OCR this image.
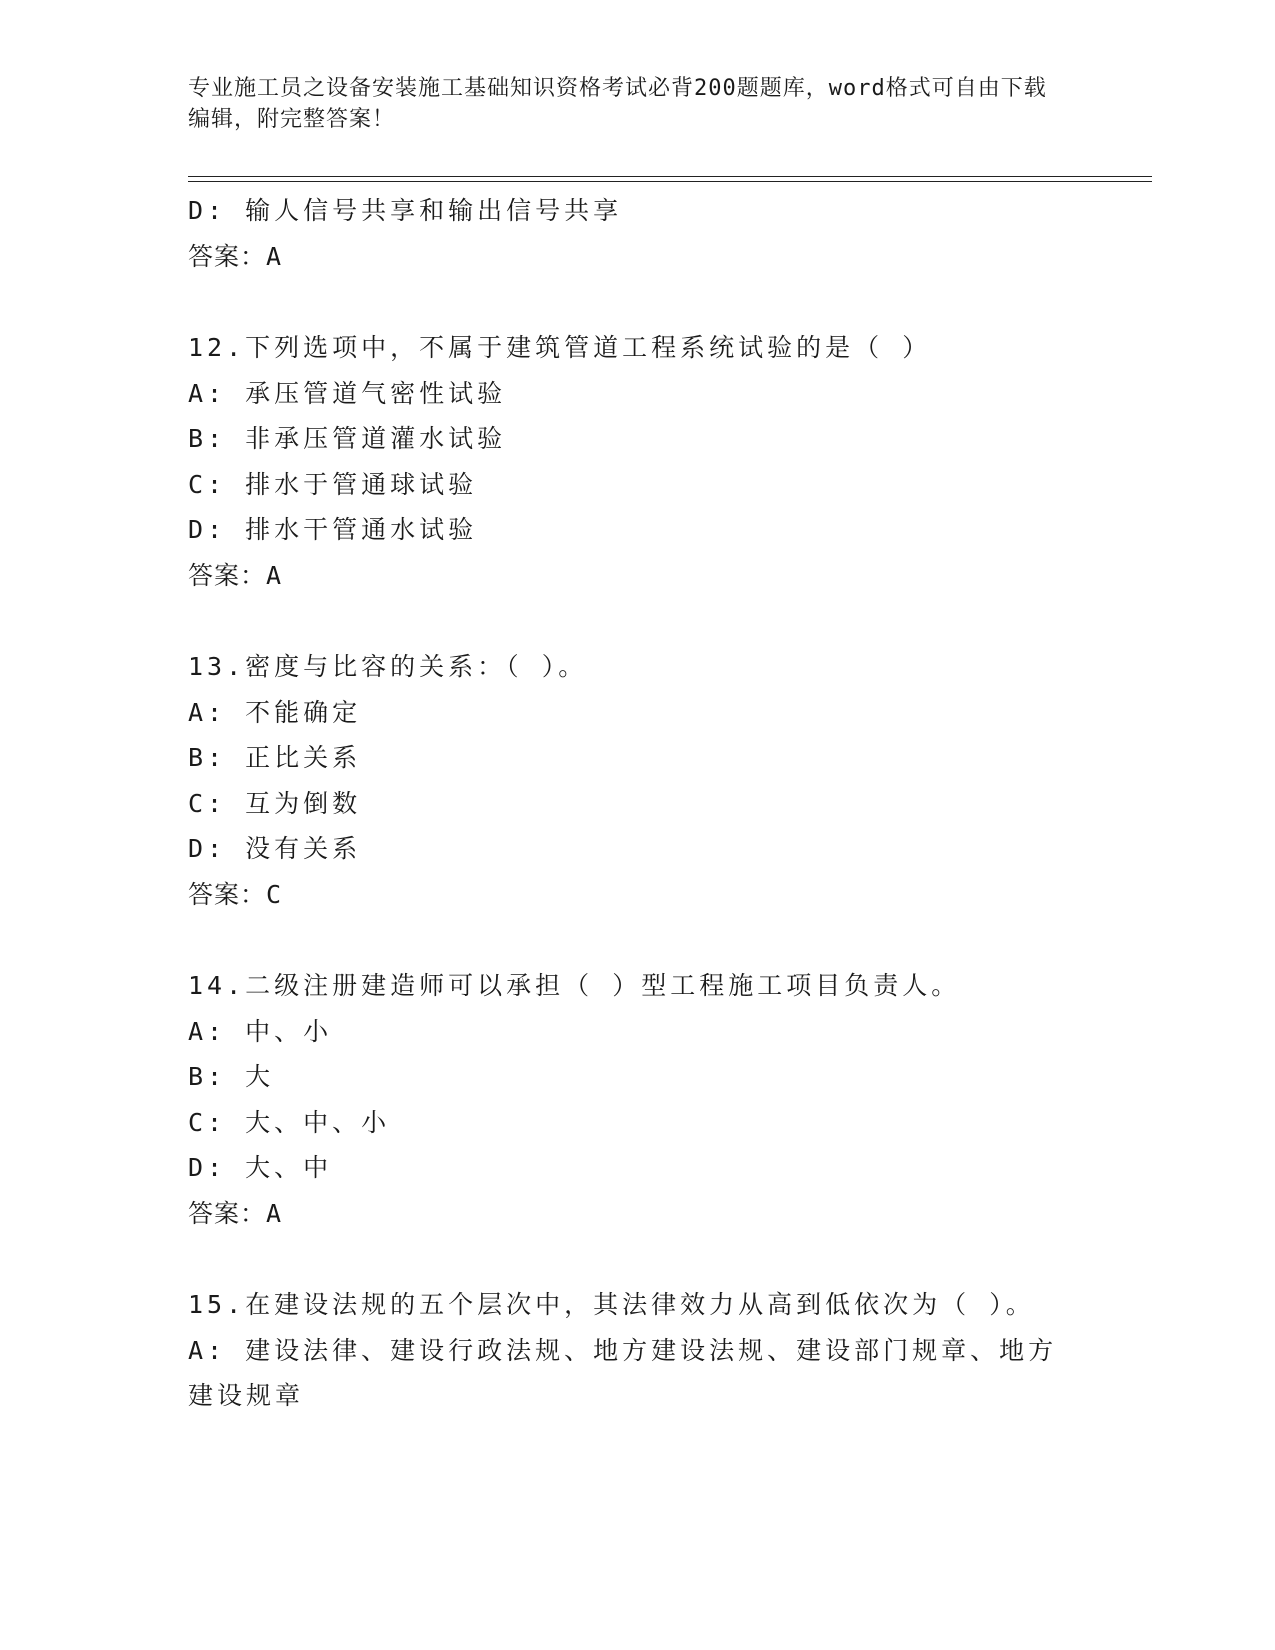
专业施工员之设备安装施工基础知识资格考试必背200题题库，word格式可自由下载编辑，附完整答案！
D: 输人信号共享和输出信号共享
答案：A
12.下列选项中，不属于建筑管道工程系统试验的是（ ）
A: 承压管道气密性试验
B: 非承压管道灌水试验
C: 排水于管通球试验
D: 排水干管通水试验
答案：A
13.密度与比容的关系：（ ）。
A: 不能确定
B: 正比关系
C: 互为倒数
D: 没有关系
答案：C
14.二级注册建造师可以承担（ ）型工程施工项目负责人。
A: 中、小
B: 大
C: 大、中、小
D: 大、中
答案：A
15.在建设法规的五个层次中，其法律效力从高到低依次为（ ）。
A: 建设法律、建设行政法规、地方建设法规、建设部门规章、地方建设规章
